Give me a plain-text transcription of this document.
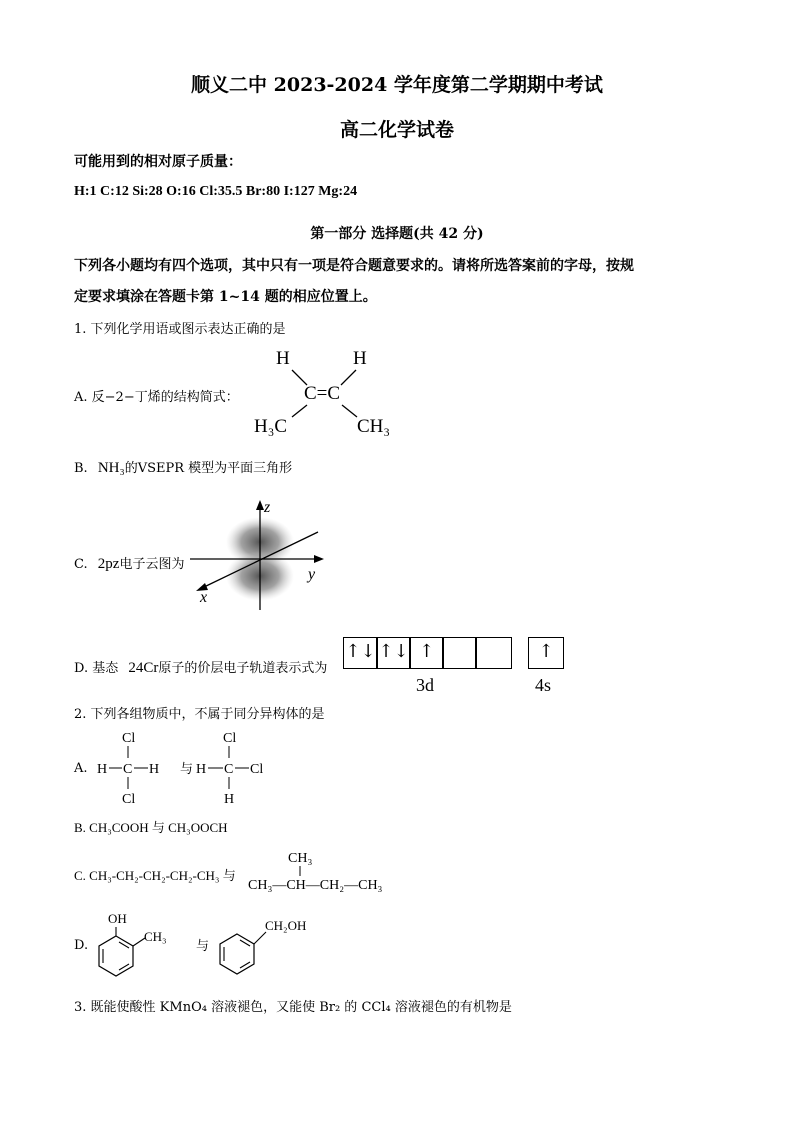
顺义二中 2023-2024 学年度第二学期期中考试
高二化学试卷
可能用到的相对原子质量：
H:1 C:12 Si:28 O:16 Cl:35.5 Br:80 I:127 Mg:24
第一部分 选择题(共 42 分)
下列各小题均有四个选项，其中只有一项是符合题意要求的。请将所选答案前的字母，按规
定要求填涂在答题卡第 1~14 题的相应位置上。
1. 下列化学用语或图示表达正确的是
A. 反−2−丁烯的结构简式：
H	H
C=C
H₃C	CH₃
B. NH₃的VSEPR 模型为平面三角形
C. 2pz电子云图为
z
y
x
D. 基态 24Cr原子的价层电子轨道表示式为
↑↓ ↑↓ ↑	↑
3d	4s
2. 下列各组物质中，不属于同分异构体的是
A.
Cl
H C H
Cl
与
Cl
H C Cl
H
B. CH₃COOH 与 CH₃OOCH
C. CH₃-CH₂-CH₂-CH₂-CH₃ 与
CH₃
CH₃—CH—CH₂—CH₃
D.
OH
CH₃
与
CH₂OH
3. 既能使酸性 KMnO₄ 溶液褪色，又能使 Br₂ 的 CCl₄ 溶液褪色的有机物是
